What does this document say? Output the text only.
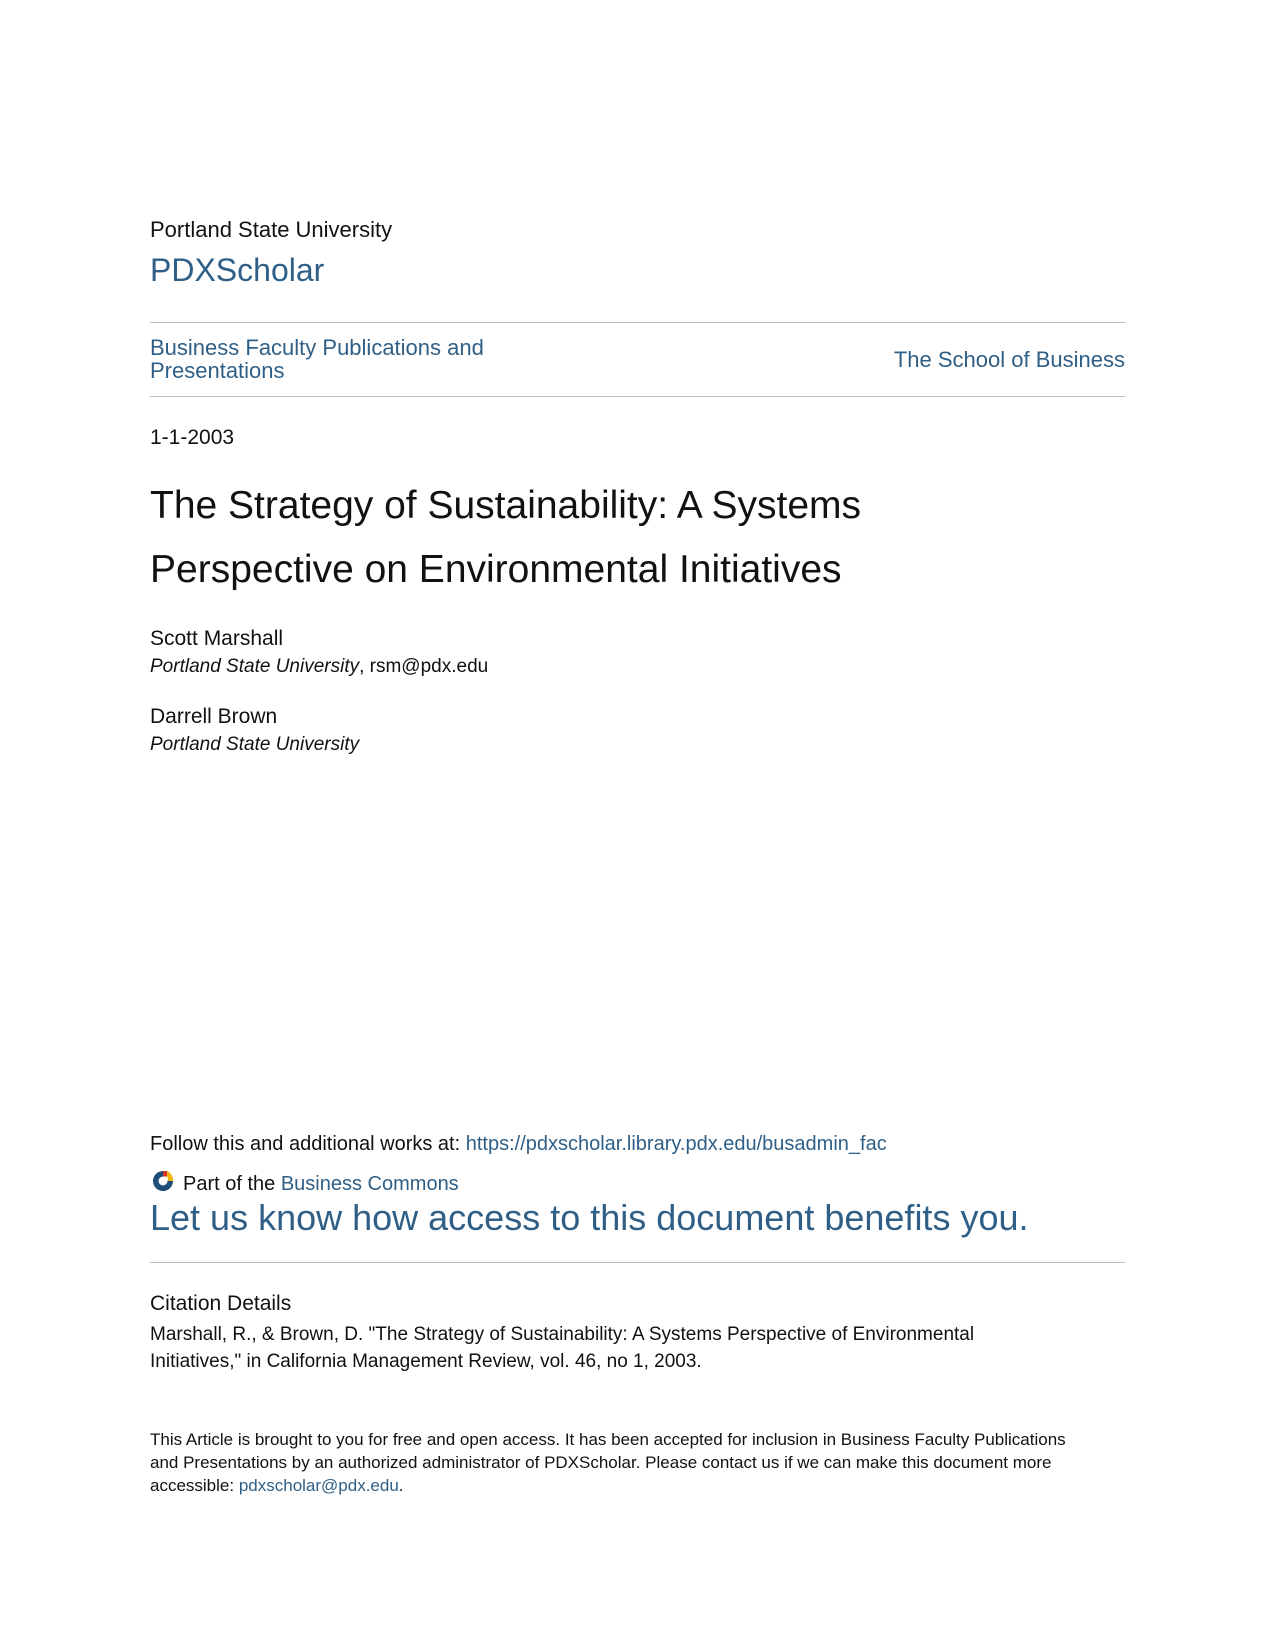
Portland State University
PDXScholar
Business Faculty Publications and Presentations	The School of Business
1-1-2003
The Strategy of Sustainability: A Systems Perspective on Environmental Initiatives
Scott Marshall
Portland State University, rsm@pdx.edu
Darrell Brown
Portland State University
Follow this and additional works at: https://pdxscholar.library.pdx.edu/busadmin_fac
Part of the Business Commons
Let us know how access to this document benefits you.
Citation Details
Marshall, R., & Brown, D. "The Strategy of Sustainability: A Systems Perspective of Environmental Initiatives," in California Management Review, vol. 46, no 1, 2003.
This Article is brought to you for free and open access. It has been accepted for inclusion in Business Faculty Publications and Presentations by an authorized administrator of PDXScholar. Please contact us if we can make this document more accessible: pdxscholar@pdx.edu.
